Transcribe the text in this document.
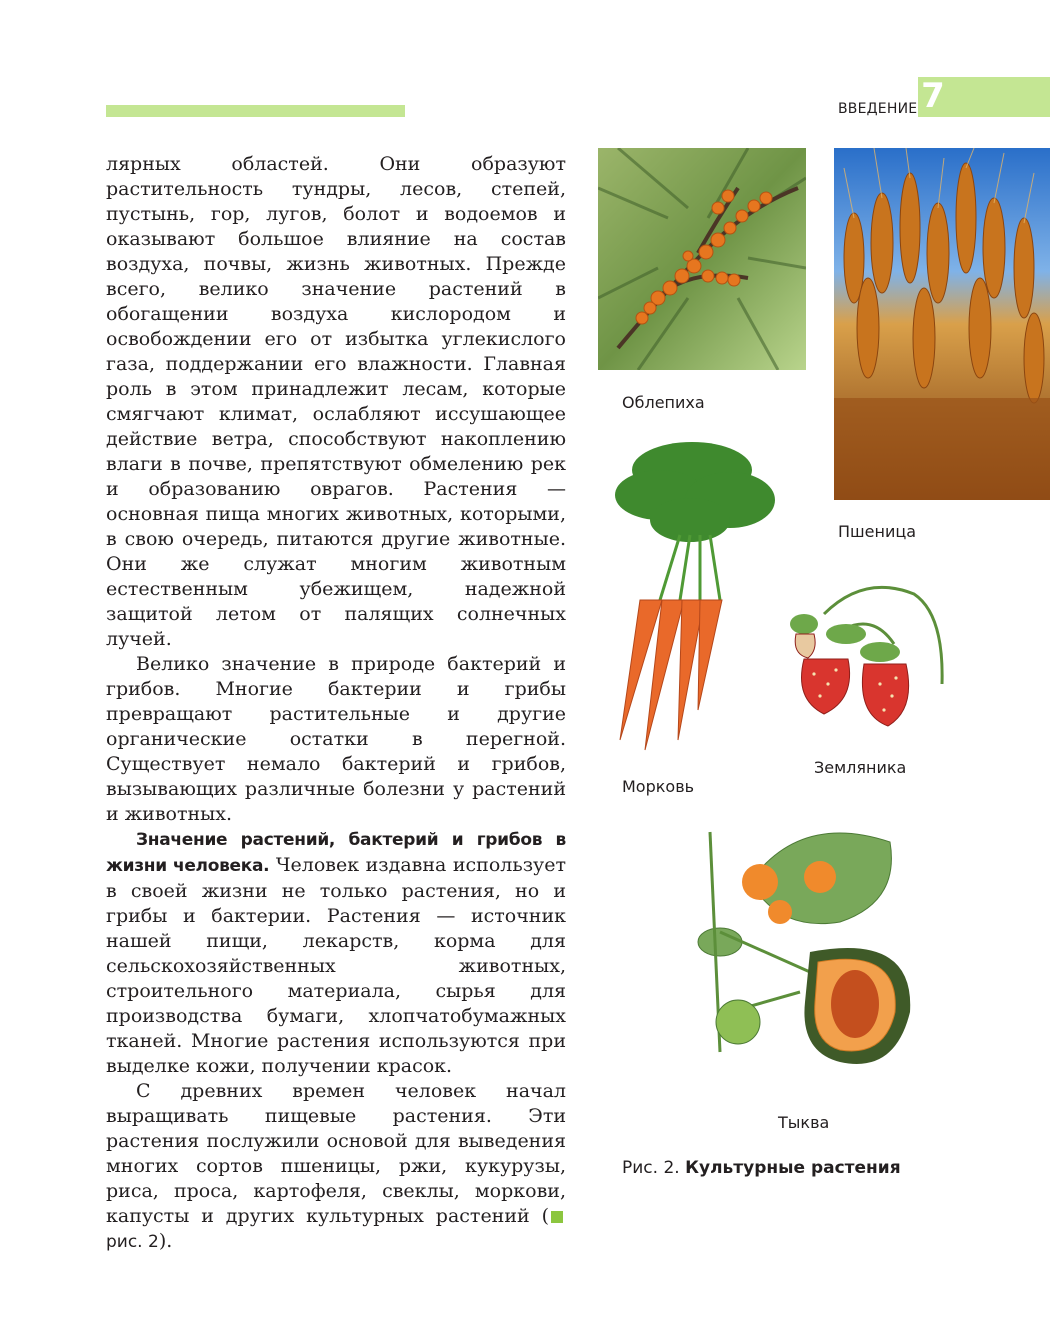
ВВЕДЕНИЕ 7

лярных областей. Они образуют растительность тундры, лесов, степей, пустынь, гор, лугов, болот и водоемов и оказывают большое влияние на состав воздуха, почвы, жизнь животных. Прежде всего, велико значение растений в обогащении воздуха кислородом и освобождении его от избытка углекислого газа, поддержании его влажности. Главная роль в этом принадлежит лесам, которые смягчают климат, ослабляют иссушающее действие ветра, способствуют накоплению влаги в почве, препятствуют обмелению рек и образованию оврагов. Растения — основная пища многих животных, которыми, в свою очередь, питаются другие животные. Они же служат многим животным естественным убежищем, надежной защитой летом от палящих солнечных лучей.

Велико значение в природе бактерий и грибов. Многие бактерии и грибы превращают растительные и другие органические остатки в перегной. Существует немало бактерий и грибов, вызывающих различные болезни у растений и животных.

Значение растений, бактерий и грибов в жизни человека. Человек издавна использует в своей жизни не только растения, но и грибы и бактерии. Растения — источник нашей пищи, лекарств, корма для сельскохозяйственных животных, строительного материала, сырья для производства бумаги, хлопчатобумажных тканей. Многие растения используются при выделке кожи, получении красок.

С древних времен человек начал выращивать пищевые растения. Эти растения послужили основой для выведения многих сортов пшеницы, ржи, кукурузы, риса, проса, картофеля, свеклы, моркови, капусты и других культурных растений (рис. 2).

Облепиха
Пшеница
Морковь
Земляника
Тыква
Рис. 2. Культурные растения
